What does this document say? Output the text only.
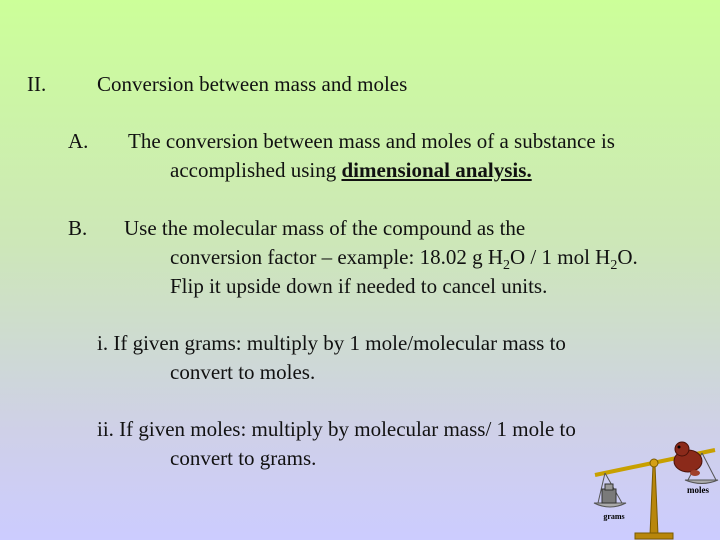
II. Conversion between mass and moles

A. The conversion between mass and moles of a substance is

accomplished using dimensional analysis.

B. Use the molecular mass of the compound as the

conversion factor – example: 18.02 g $H_2O / 1$ mol $H_2O$.

Flip it upside down if needed to cancel units.

i. If given grams: multiply by 1 mole/molecular mass to

convert to moles.

ii. If given moles: multiply by molecular mass/ 1 mole to

convert to grams.

moles
grams
